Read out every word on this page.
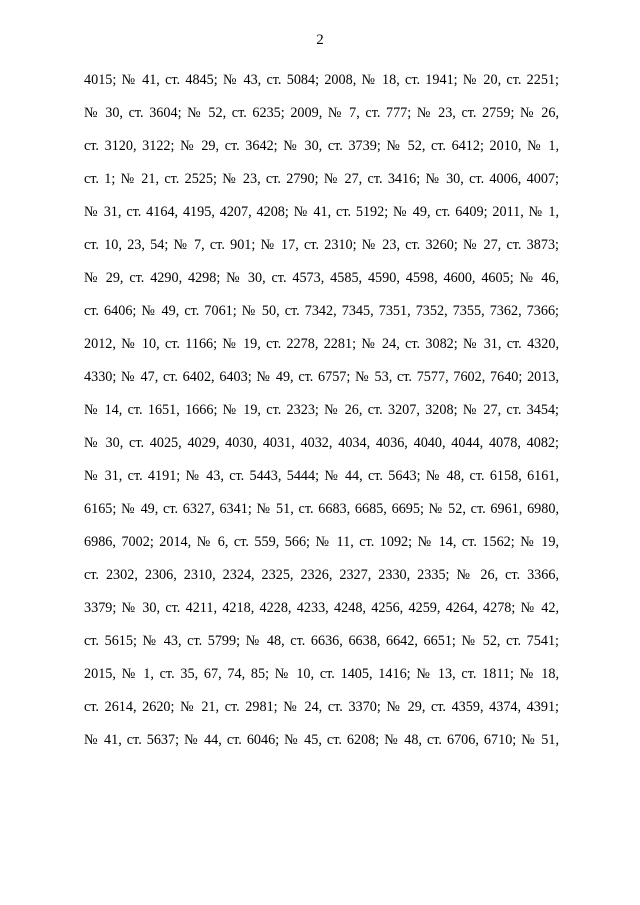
2
4015; № 41, ст. 4845; № 43, ст. 5084; 2008, № 18, ст. 1941; № 20, ст. 2251;
№ 30, ст. 3604; № 52, ст. 6235; 2009, № 7, ст. 777; № 23, ст. 2759; № 26,
ст. 3120, 3122; № 29, ст. 3642; № 30, ст. 3739; № 52, ст. 6412; 2010, № 1,
ст. 1; № 21, ст. 2525; № 23, ст. 2790; № 27, ст. 3416; № 30, ст. 4006, 4007;
№ 31, ст. 4164, 4195, 4207, 4208; № 41, ст. 5192; № 49, ст. 6409; 2011, № 1,
ст. 10, 23, 54; № 7, ст. 901; № 17, ст. 2310; № 23, ст. 3260; № 27, ст. 3873;
№ 29, ст. 4290, 4298; № 30, ст. 4573, 4585, 4590, 4598, 4600, 4605; № 46,
ст. 6406; № 49, ст. 7061; № 50, ст. 7342, 7345, 7351, 7352, 7355, 7362, 7366;
2012, № 10, ст. 1166; № 19, ст. 2278, 2281; № 24, ст. 3082; № 31, ст. 4320,
4330; № 47, ст. 6402, 6403; № 49, ст. 6757; № 53, ст. 7577, 7602, 7640; 2013,
№ 14, ст. 1651, 1666; № 19, ст. 2323; № 26, ст. 3207, 3208; № 27, ст. 3454;
№ 30, ст. 4025, 4029, 4030, 4031, 4032, 4034, 4036, 4040, 4044, 4078, 4082;
№ 31, ст. 4191; № 43, ст. 5443, 5444; № 44, ст. 5643; № 48, ст. 6158, 6161,
6165; № 49, ст. 6327, 6341; № 51, ст. 6683, 6685, 6695; № 52, ст. 6961, 6980,
6986, 7002; 2014, № 6, ст. 559, 566; № 11, ст. 1092; № 14, ст. 1562; № 19,
ст. 2302, 2306, 2310, 2324, 2325, 2326, 2327, 2330, 2335; № 26, ст. 3366,
3379; № 30, ст. 4211, 4218, 4228, 4233, 4248, 4256, 4259, 4264, 4278; № 42,
ст. 5615; № 43, ст. 5799; № 48, ст. 6636, 6638, 6642, 6651; № 52, ст. 7541;
2015, № 1, ст. 35, 67, 74, 85; № 10, ст. 1405, 1416; № 13, ст. 1811; № 18,
ст. 2614, 2620; № 21, ст. 2981; № 24, ст. 3370; № 29, ст. 4359, 4374, 4391;
№ 41, ст. 5637; № 44, ст. 6046; № 45, ст. 6208; № 48, ст. 6706, 6710; № 51,
